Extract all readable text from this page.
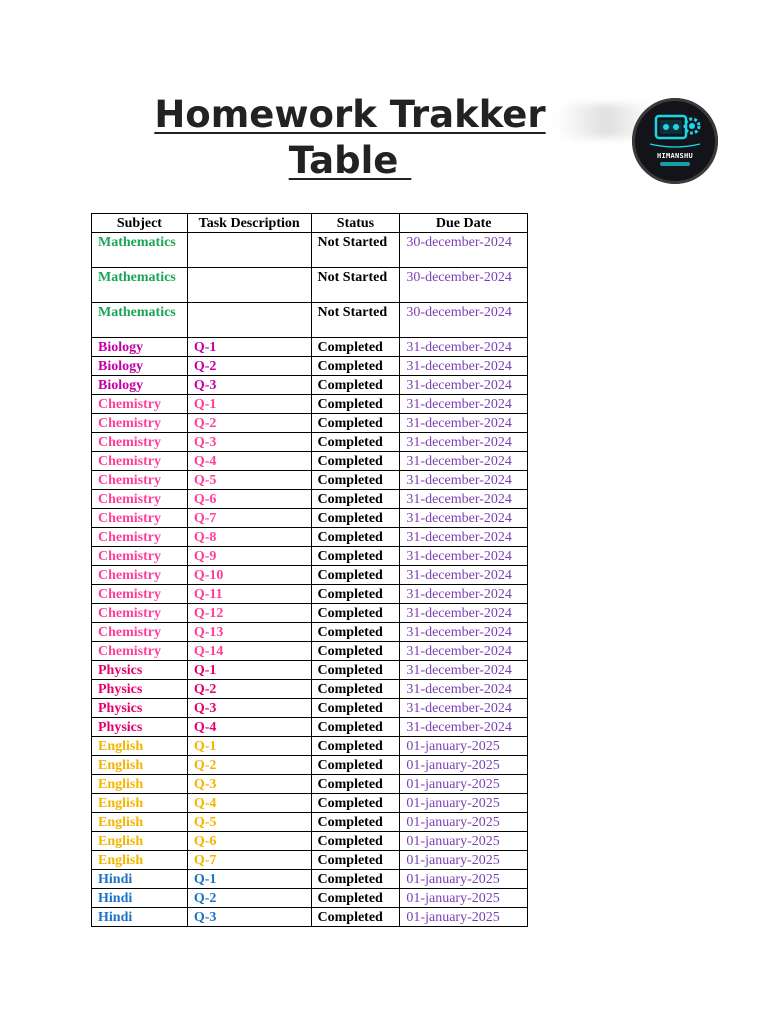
Homework Trakker
Table	HIMANSHU
Subject	Task Description	Status	Due Date
Mathematics		Not Started	30-december-2024
Mathematics		Not Started	30-december-2024
Mathematics		Not Started	30-december-2024
Biology	Q-1	Completed	31-december-2024
Biology	Q-2	Completed	31-december-2024
Biology	Q-3	Completed	31-december-2024
Chemistry	Q-1	Completed	31-december-2024
Chemistry	Q-2	Completed	31-december-2024
Chemistry	Q-3	Completed	31-december-2024
Chemistry	Q-4	Completed	31-december-2024
Chemistry	Q-5	Completed	31-december-2024
Chemistry	Q-6	Completed	31-december-2024
Chemistry	Q-7	Completed	31-december-2024
Chemistry	Q-8	Completed	31-december-2024
Chemistry	Q-9	Completed	31-december-2024
Chemistry	Q-10	Completed	31-december-2024
Chemistry	Q-11	Completed	31-december-2024
Chemistry	Q-12	Completed	31-december-2024
Chemistry	Q-13	Completed	31-december-2024
Chemistry	Q-14	Completed	31-december-2024
Physics	Q-1	Completed	31-december-2024
Physics	Q-2	Completed	31-december-2024
Physics	Q-3	Completed	31-december-2024
Physics	Q-4	Completed	31-december-2024
English	Q-1	Completed	01-january-2025
English	Q-2	Completed	01-january-2025
English	Q-3	Completed	01-january-2025
English	Q-4	Completed	01-january-2025
English	Q-5	Completed	01-january-2025
English	Q-6	Completed	01-january-2025
English	Q-7	Completed	01-january-2025
Hindi	Q-1	Completed	01-january-2025
Hindi	Q-2	Completed	01-january-2025
Hindi	Q-3	Completed	01-january-2025
